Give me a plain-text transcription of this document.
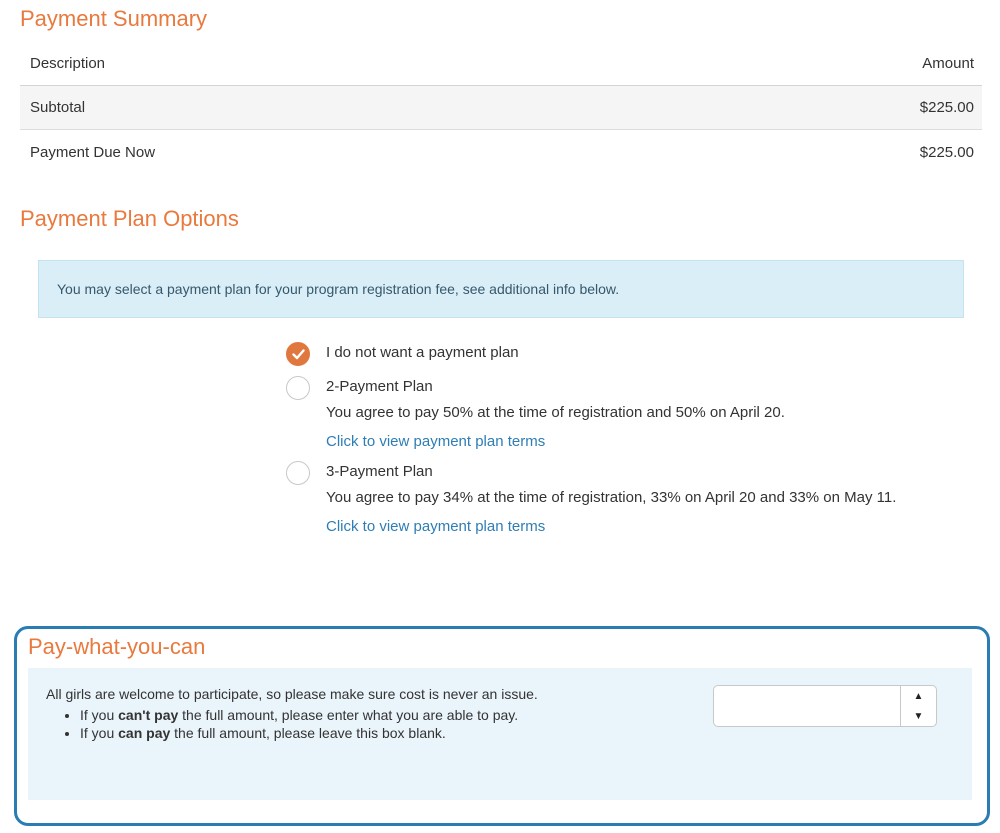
Payment Summary
Description	Amount
Subtotal	$225.00
Payment Due Now	$225.00
Payment Plan Options
You may select a payment plan for your program registration fee, see additional info below.
I do not want a payment plan
2-Payment Plan
You agree to pay 50% at the time of registration and 50% on April 20.
Click to view payment plan terms
3-Payment Plan
You agree to pay 34% at the time of registration, 33% on April 20 and 33% on May 11.
Click to view payment plan terms
Pay-what-you-can
All girls are welcome to participate, so please make sure cost is never an issue.
• If you can't pay the full amount, please enter what you are able to pay.
• If you can pay the full amount, please leave this box blank.
▲
▼
